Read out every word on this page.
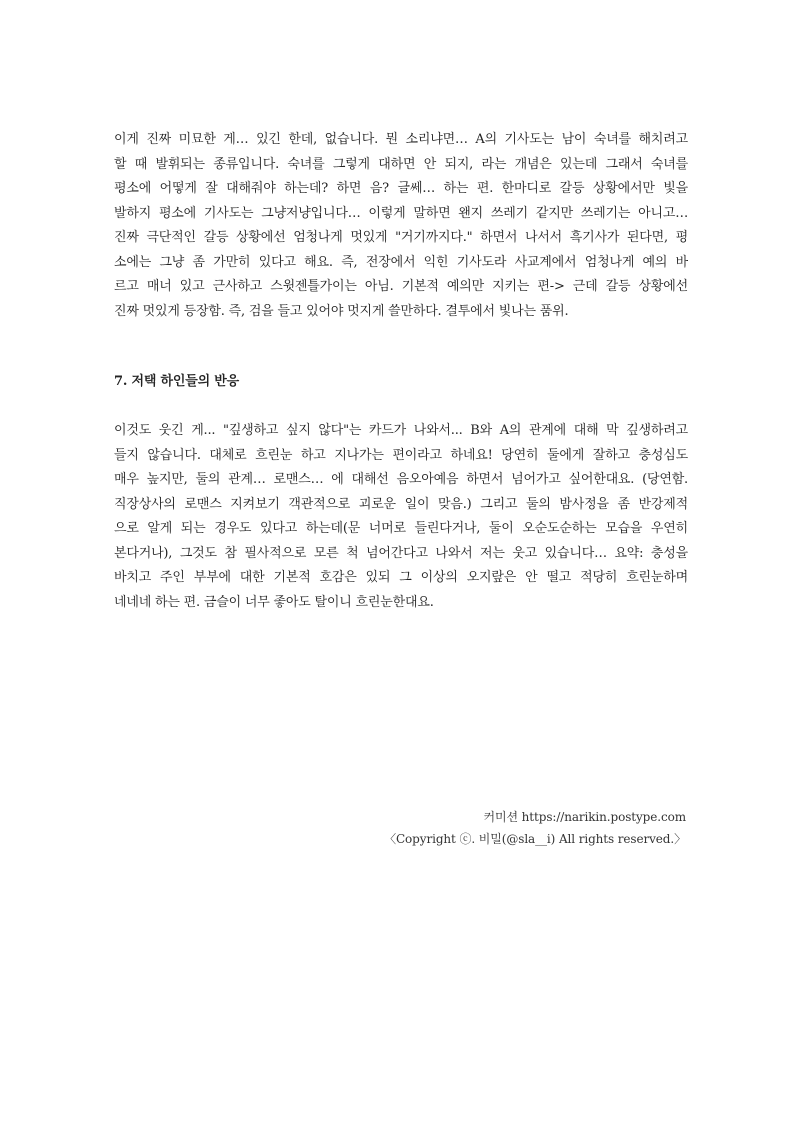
이게 진짜 미묘한 게… 있긴 한데, 없습니다. 뭔 소리냐면… A의 기사도는 남이 숙녀를 해치려고
할 때 발휘되는 종류입니다. 숙녀를 그렇게 대하면 안 되지, 라는 개념은 있는데 그래서 숙녀를
평소에 어떻게 잘 대해줘야 하는데? 하면 음? 글쎄… 하는 편. 한마디로 갈등 상황에서만 빛을
발하지 평소에 기사도는 그냥저냥입니다… 이렇게 말하면 왠지 쓰레기 같지만 쓰레기는 아니고…
진짜 극단적인 갈등 상황에선 엄청나게 멋있게 "거기까지다." 하면서 나서서 흑기사가 된다면, 평
소에는 그냥 좀 가만히 있다고 해요. 즉, 전장에서 익힌 기사도라 사교계에서 엄청나게 예의 바
르고 매너 있고 근사하고 스윗젠틀가이는 아님. 기본적 예의만 지키는 편-> 근데 갈등 상황에선
진짜 멋있게 등장함. 즉, 검을 들고 있어야 멋지게 쓸만하다. 결투에서 빛나는 품위.
7. 저택 하인들의 반응
이것도 웃긴 게... "깊생하고 싶지 않다"는 카드가 나와서... B와 A의 관계에 대해 막 깊생하려고
들지 않습니다. 대체로 흐린눈 하고 지나가는 편이라고 하네요! 당연히 둘에게 잘하고 충성심도
매우 높지만, 둘의 관계… 로맨스… 에 대해선 음오아예음 하면서 넘어가고 싶어한대요. (당연함.
직장상사의 로맨스 지켜보기 객관적으로 괴로운 일이 맞음.) 그리고 둘의 밤사정을 좀 반강제적
으로 알게 되는 경우도 있다고 하는데(문 너머로 들린다거나, 둘이 오순도순하는 모습을 우연히
본다거나), 그것도 참 필사적으로 모른 척 넘어간다고 나와서 저는 웃고 있습니다… 요약: 충성을
바치고 주인 부부에 대한 기본적 호감은 있되 그 이상의 오지랖은 안 떨고 적당히 흐린눈하며
네네네 하는 편. 금슬이 너무 좋아도 탈이니 흐린눈한대요.
커미션 https://narikin.postype.com
〈Copyright ⓒ. 비밀(@sla__i) All rights reserved.〉
